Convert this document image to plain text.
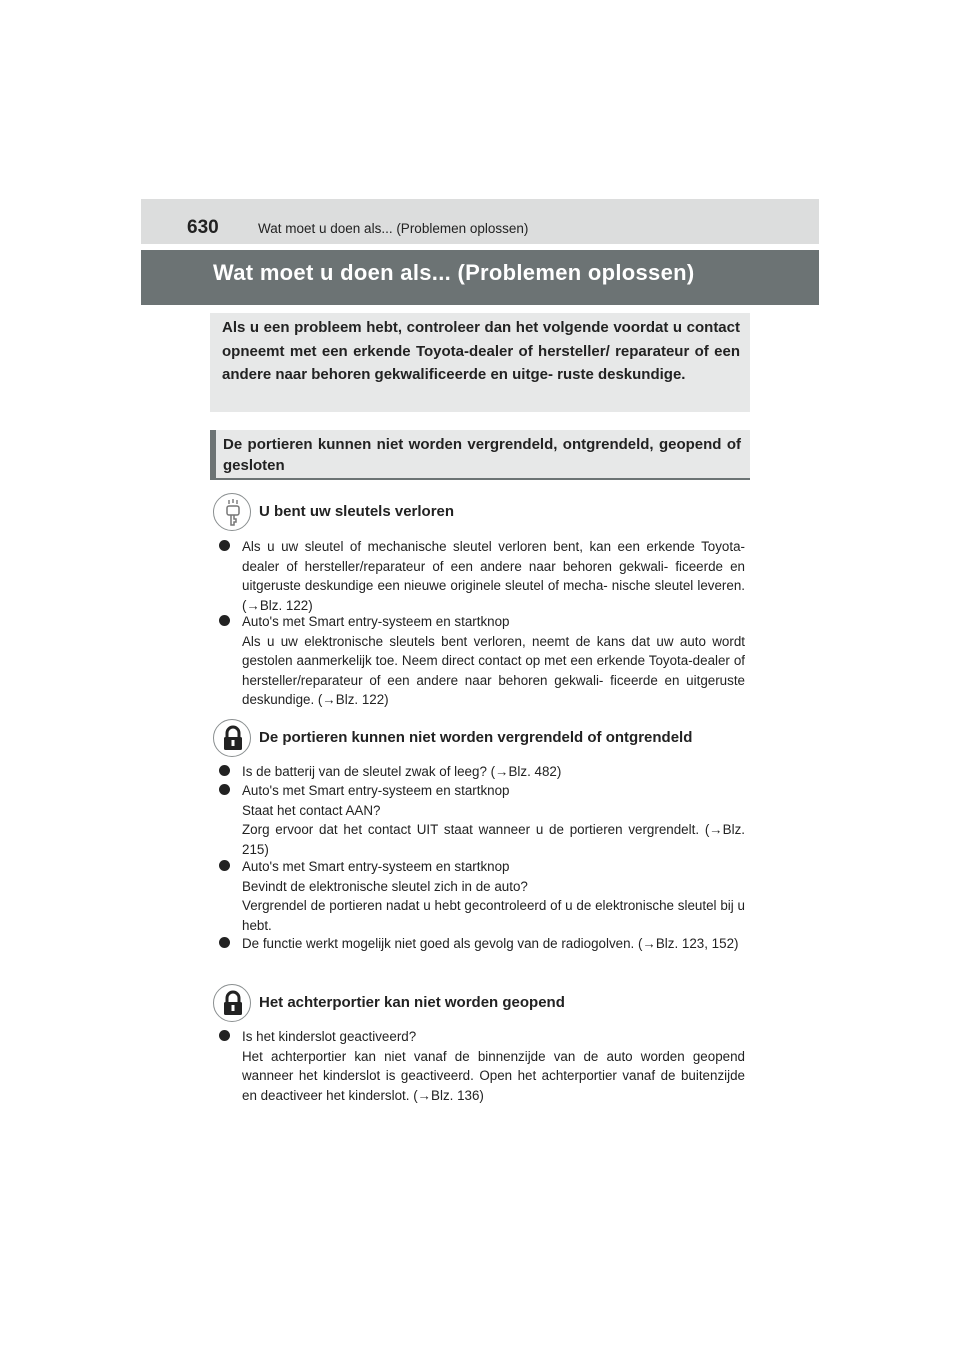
630	Wat moet u doen als... (Problemen oplossen)
Wat moet u doen als... (Problemen oplossen)
Als u een probleem hebt, controleer dan het volgende voordat u contact opneemt met een erkende Toyota-dealer of hersteller/ reparateur of een andere naar behoren gekwalificeerde en uitge- ruste deskundige.
De portieren kunnen niet worden vergrendeld, ontgrendeld, geopend of gesloten
U bent uw sleutels verloren
Als u uw sleutel of mechanische sleutel verloren bent, kan een erkende Toyota-dealer of hersteller/reparateur of een andere naar behoren gekwali- ficeerde en uitgeruste deskundige een nieuwe originele sleutel of mecha- nische sleutel leveren. (→Blz. 122)
Auto's met Smart entry-systeem en startknop
Als u uw elektronische sleutels bent verloren, neemt de kans dat uw auto wordt gestolen aanmerkelijk toe. Neem direct contact op met een erkende Toyota-dealer of hersteller/reparateur of een andere naar behoren gekwali- ficeerde en uitgeruste deskundige. (→Blz. 122)
De portieren kunnen niet worden vergrendeld of ontgrendeld
Is de batterij van de sleutel zwak of leeg? (→Blz. 482)
Auto's met Smart entry-systeem en startknop
Staat het contact AAN?
Zorg ervoor dat het contact UIT staat wanneer u de portieren vergrendelt. (→Blz. 215)
Auto's met Smart entry-systeem en startknop
Bevindt de elektronische sleutel zich in de auto?
Vergrendel de portieren nadat u hebt gecontroleerd of u de elektronische sleutel bij u hebt.
De functie werkt mogelijk niet goed als gevolg van de radiogolven. (→Blz. 123, 152)
Het achterportier kan niet worden geopend
Is het kinderslot geactiveerd?
Het achterportier kan niet vanaf de binnenzijde van de auto worden geopend wanneer het kinderslot is geactiveerd. Open het achterportier vanaf de buitenzijde en deactiveer het kinderslot. (→Blz. 136)
